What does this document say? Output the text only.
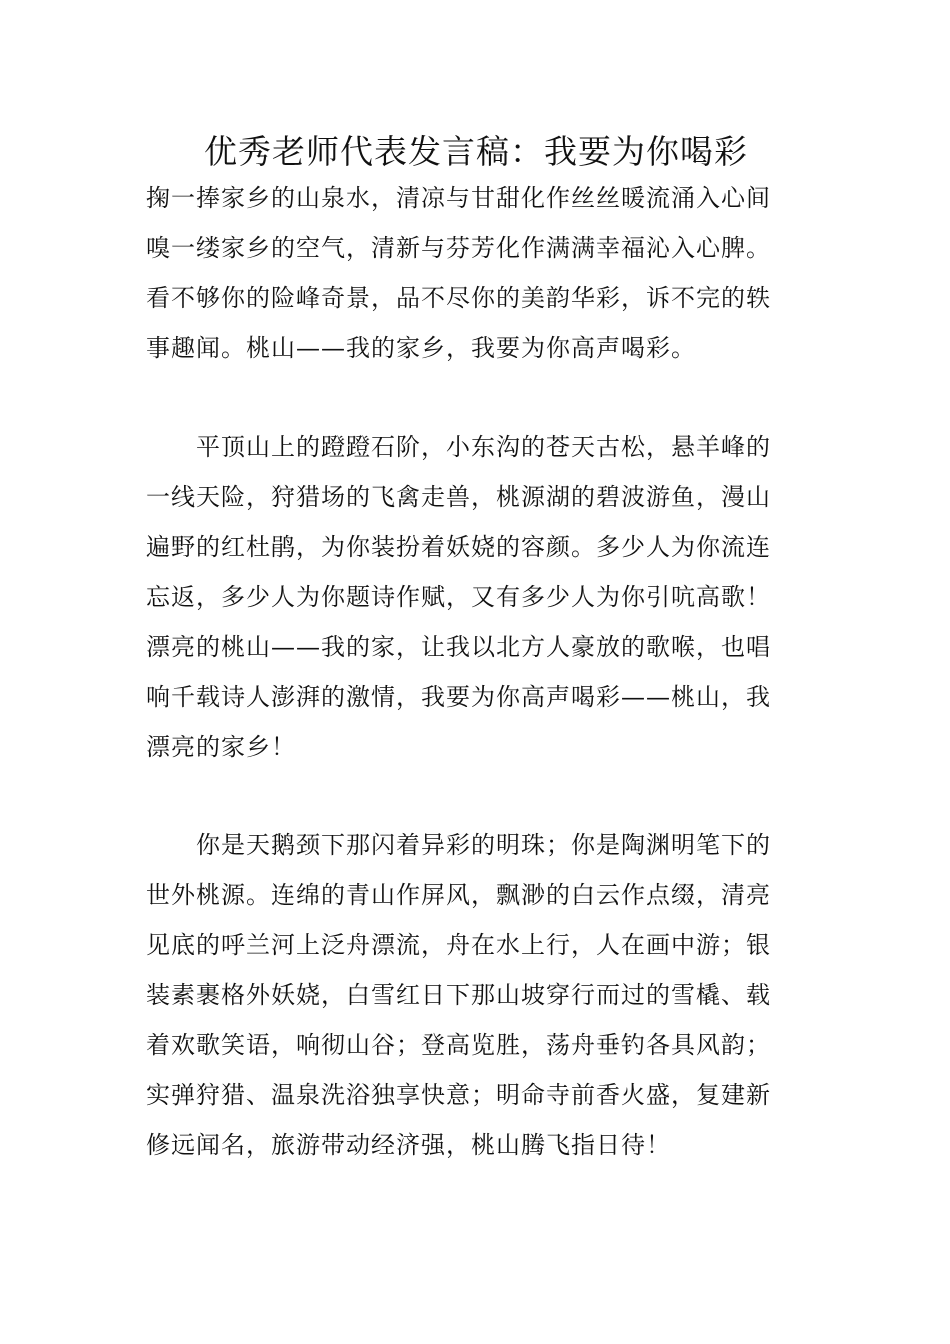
优秀老师代表发言稿：我要为你喝彩
掬一捧家乡的山泉水，清凉与甘甜化作丝丝暖流涌入心间
嗅一缕家乡的空气，清新与芬芳化作满满幸福沁入心脾。
看不够你的险峰奇景，品不尽你的美韵华彩，诉不完的轶
事趣闻。桃山——我的家乡，我要为你高声喝彩。
　　平顶山上的蹬蹬石阶，小东沟的苍天古松，悬羊峰的
一线天险，狩猎场的飞禽走兽，桃源湖的碧波游鱼，漫山
遍野的红杜鹃，为你装扮着妖娆的容颜。多少人为你流连
忘返，多少人为你题诗作赋，又有多少人为你引吭高歌！
漂亮的桃山——我的家，让我以北方人豪放的歌喉，也唱
响千载诗人澎湃的激情，我要为你高声喝彩——桃山，我
漂亮的家乡！
　　你是天鹅颈下那闪着异彩的明珠；你是陶渊明笔下的
世外桃源。连绵的青山作屏风，飘渺的白云作点缀，清亮
见底的呼兰河上泛舟漂流，舟在水上行，人在画中游；银
装素裹格外妖娆，白雪红日下那山坡穿行而过的雪橇、载
着欢歌笑语，响彻山谷；登高览胜，荡舟垂钓各具风韵；
实弹狩猎、温泉洗浴独享快意；明命寺前香火盛，复建新
修远闻名，旅游带动经济强，桃山腾飞指日待！
